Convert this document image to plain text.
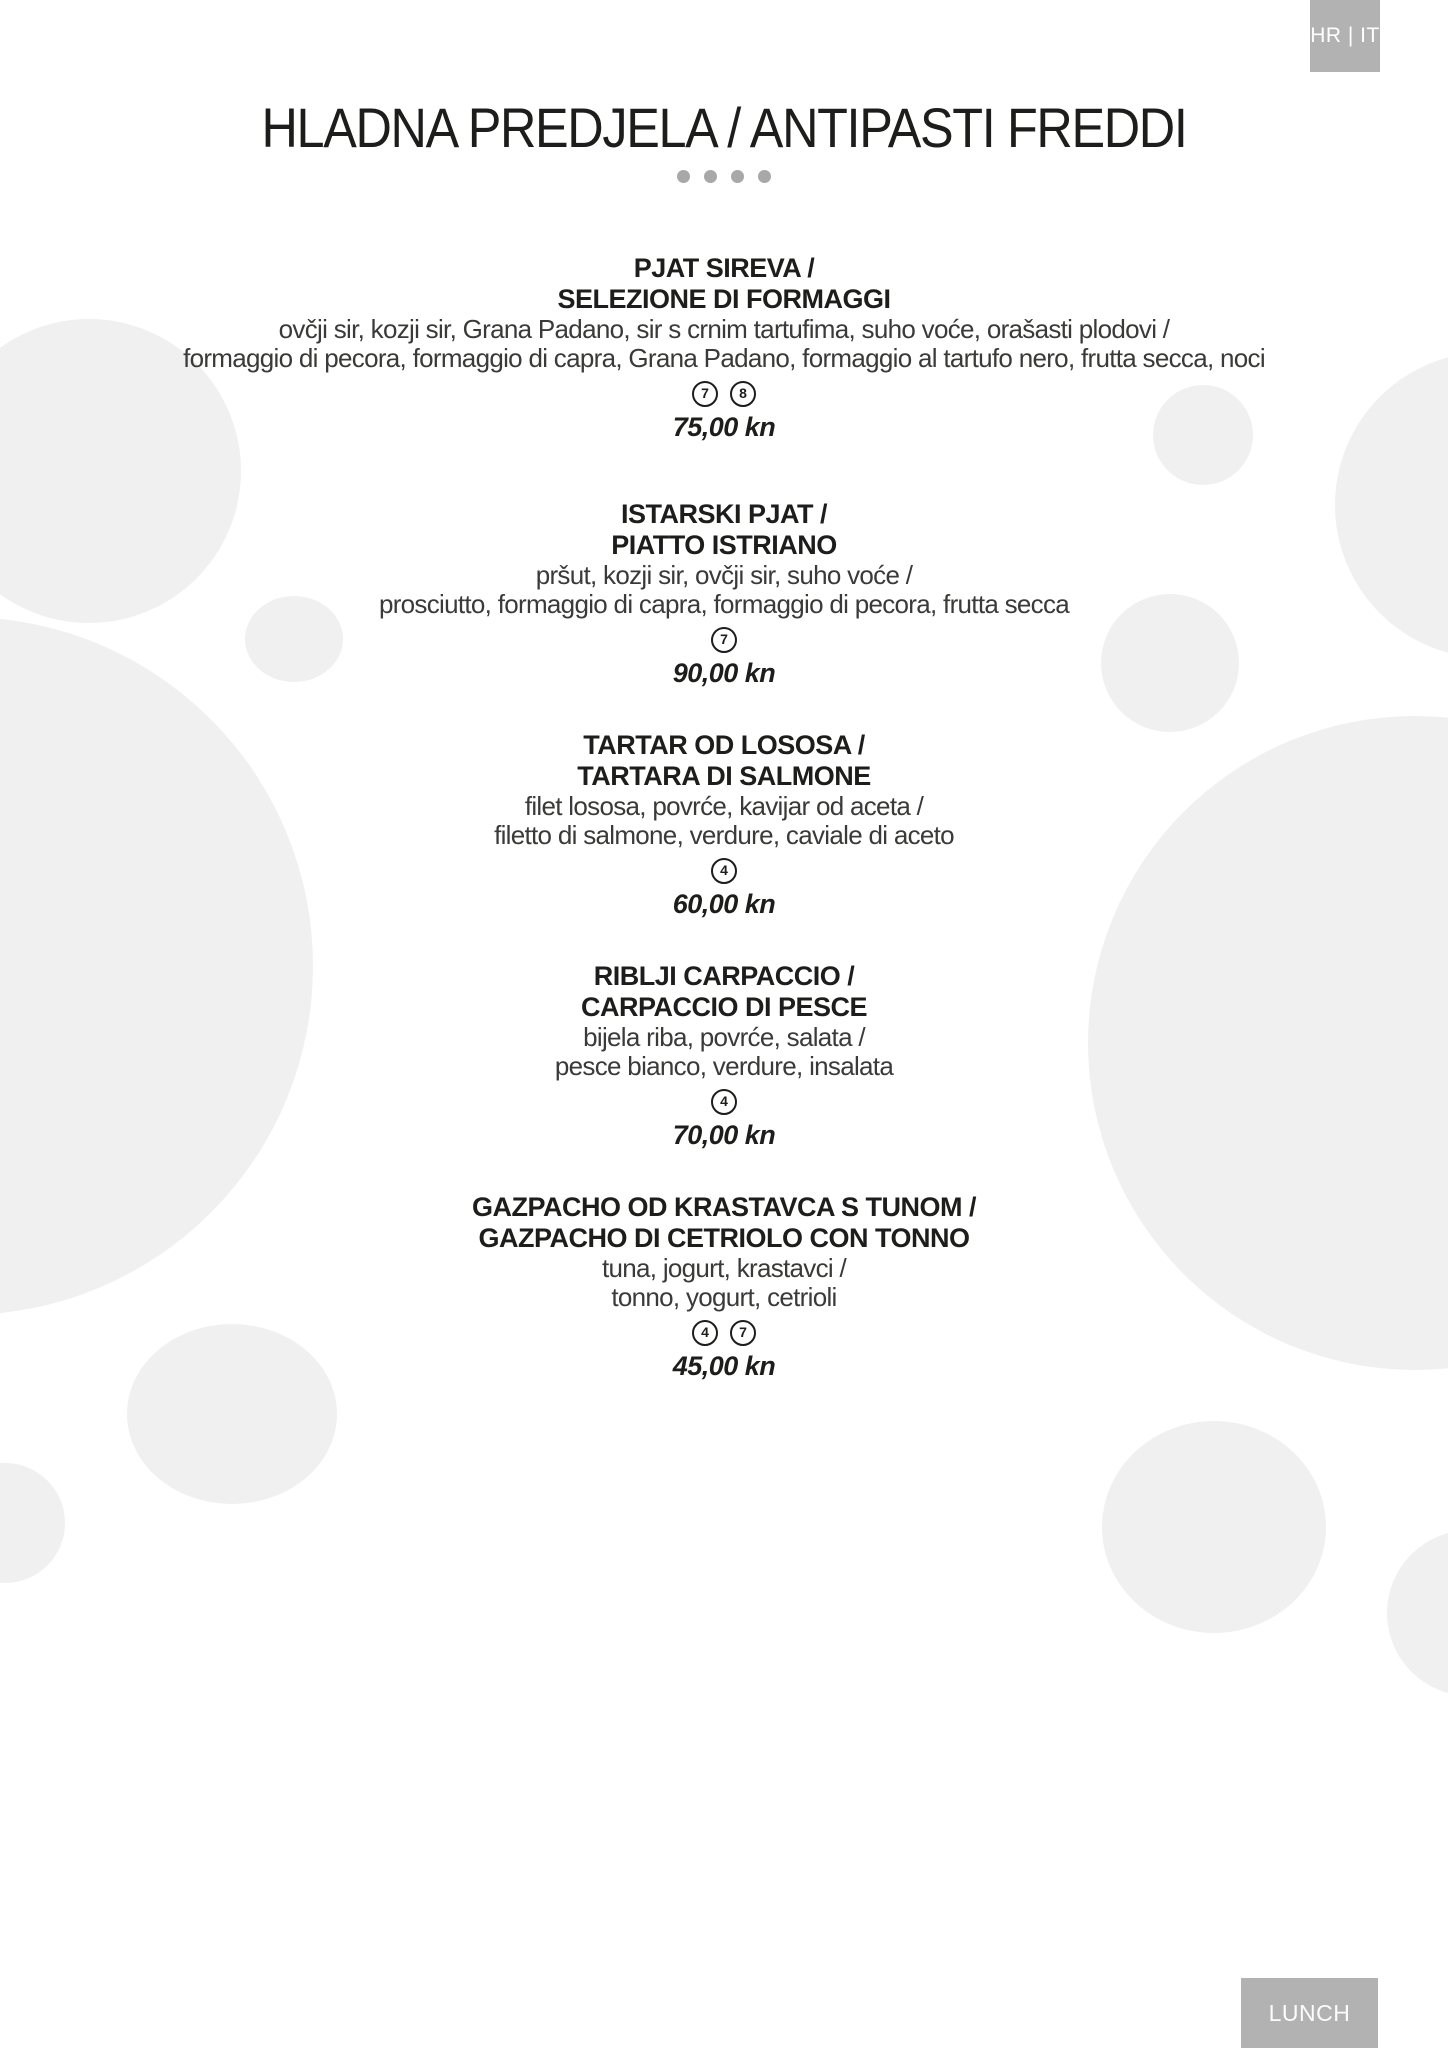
HR | IT
HLADNA PREDJELA / ANTIPASTI FREDDI
PJAT SIREVA /
SELEZIONE DI FORMAGGI
ovčji sir, kozji sir, Grana Padano, sir s crnim tartufima, suho voće, orašasti plodovi /
formaggio di pecora, formaggio di capra, Grana Padano, formaggio al tartufo nero, frutta secca, noci
7 8
75,00 kn
ISTARSKI PJAT /
PIATTO ISTRIANO
pršut, kozji sir, ovčji sir, suho voće /
prosciutto, formaggio di capra, formaggio di pecora, frutta secca
7
90,00 kn
TARTAR OD LOSOSA /
TARTARA DI SALMONE
filet lososa, povrće, kavijar od aceta /
filetto di salmone, verdure, caviale di aceto
4
60,00 kn
RIBLJI CARPACCIO /
CARPACCIO DI PESCE
bijela riba, povrće, salata /
pesce bianco, verdure, insalata
4
70,00 kn
GAZPACHO OD KRASTAVCA S TUNOM /
GAZPACHO DI CETRIOLO CON TONNO
tuna, jogurt, krastavci /
tonno, yogurt, cetrioli
4 7
45,00 kn
LUNCH
